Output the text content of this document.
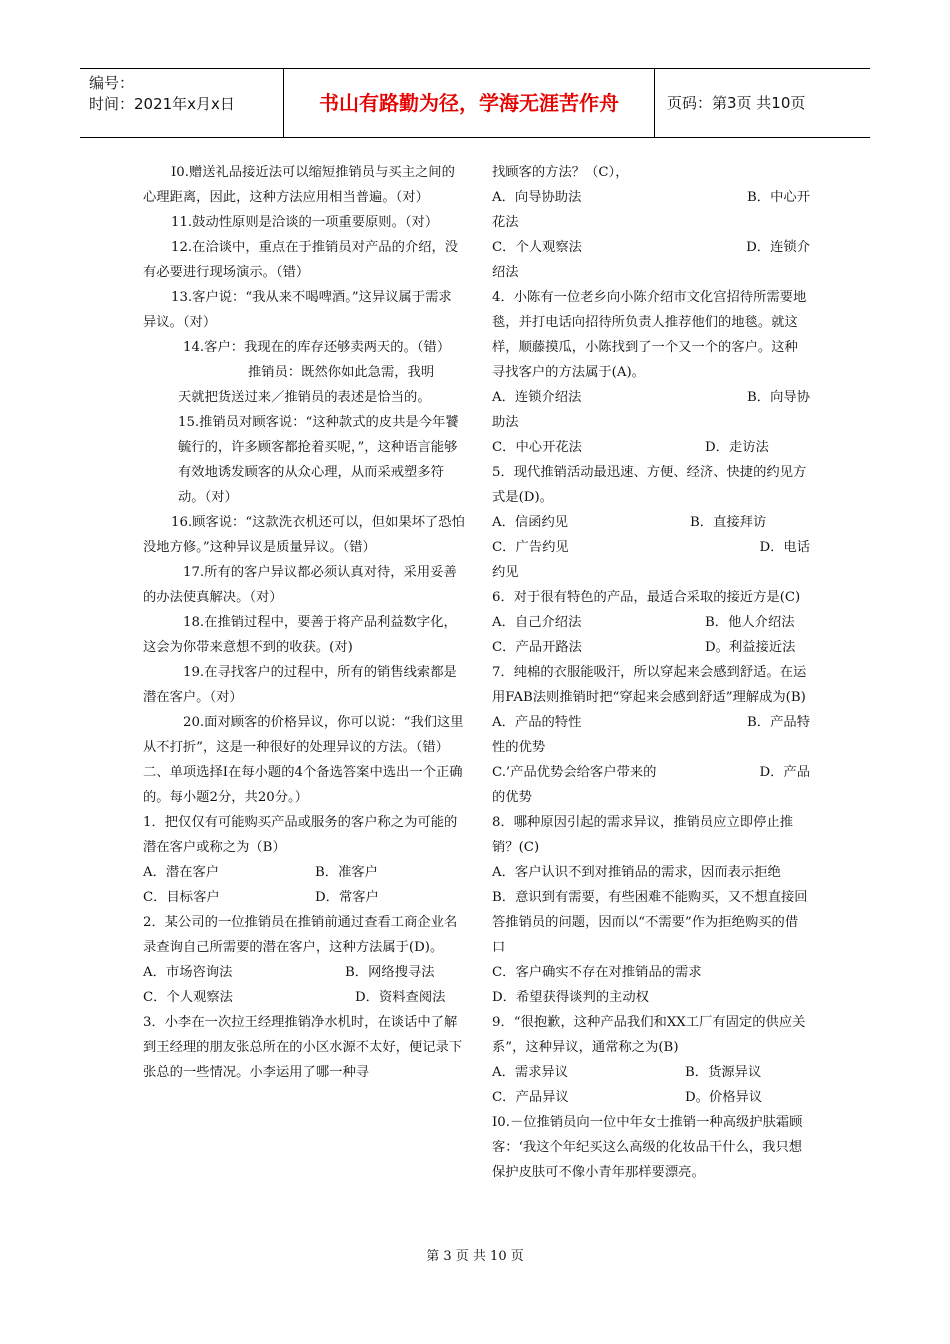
编号：
时间：2021年x月x日	书山有路勤为径，学海无涯苦作舟	页码：第3页 共10页

I0.赠送礼品接近法可以缩短推销员与买主之间的心理距离，因此，这种方法应用相当普遍。（对）

11.鼓动性原则是洽谈的一项重要原则。（对）

12.在洽谈中，重点在于推销员对产品的介绍，没有必要进行现场演示。（错）

13.客户说：“我从来不喝啤酒。”这异议属于需求异议。（对）

14.客户：我现在的库存还够卖两天的。（错）

推销员：既然你如此急需，我明

天就把货送过来／推销员的表述是恰当的。

15.推销员对顾客说：“这种款式的皮共是今年饕毓行的，许多顾客都抢着买呢，”，这种语言能够有效地诱发顾客的从众心理，从而采戒塑多符动。（对）

16.顾客说：“这款洗衣机还可以，但如果坏了恐怕没地方修。”这种异议是质量异议。（错）

17.所有的客户异议都必须认真对待，采用妥善的办法使真解决。（对）

18.在推销过程中，要善于将产品利益数字化，这会为你带来意想不到的收获。(对)

19.在寻找客户的过程中，所有的销售线索都是潜在客户。（对）

20.面对顾客的价格异议，你可以说：“我们这里从不打折”，这是一种很好的处理异议的方法。（错）

二、单项选择I在每小题的4个备选答案中选出一个正确的。每小题2分，共20分。）

1．把仅仅有可能购买产品或服务的客户称之为可能的潜在客户或称之为（B）

A．潜在客户	B．准客户
C．目标客户	D．常客户

2．某公司的一位推销员在推销前通过查看工商企业名录查询自己所需要的潜在客户，这种方法属于(D)。

A．市场咨询法	B．网络搜寻法
C．个人观察法	D．资料查阅法

3．小李在一次拉王经理推销净水机时，在谈话中了解到王经理的朋友张总所在的小区水源不太好，便记录下张总的一些情况。小李运用了哪一种寻

找顾客的方法？（C），

A．向导协助法	B．中心开

花法

C．个人观察法	D．连锁介

绍法

4．小陈有一位老乡向小陈介绍市文化宫招待所需要地毯，并打电话向招待所负责人推荐他们的地毯。就这样，顺藤摸瓜，小陈找到了一个又一个的客户。这种寻找客户的方法属于(A)。

A．连锁介绍法	B．向导协

助法

C．中心开花法	D．走访法

5．现代推销活动最迅速、方便、经济、快捷的约见方式是(D)。

A．信函约见	B．直接拜访
C．广告约见	D．电话

约见

6．对于很有特色的产品，最适合采取的接近方是(C)

A．自己介绍法	B．他人介绍法
C．产品开路法	D。利益接近法

7．纯棉的衣服能吸汗，所以穿起来会感到舒适。在运用FAB法则推销时把“穿起来会感到舒适”理解成为(B)

A．产品的特性	B．产品特

性的优势

C.’产品优势会给客户带来的	D．产品

的优势

8．哪种原因引起的需求异议，推销员应立即停止推销？(C)

A．客户认识不到对推销品的需求，因而表示拒绝

B．意识到有需要，有些困难不能购买，又不想直接回答推销员的问题，因而以“不需要”作为拒绝购买的借口

C．客户确实不存在对推销品的需求

D．希望获得谈判的主动权

9．“很抱歉，这种产品我们和XX工厂有固定的供应关系”，这种异议，通常称之为(B)

A．需求异议	B．货源异议
C．产品异议	D。价格异议

I0.－位推销员向一位中年女士推销一种高级护肤霜顾客：‘我这个年纪买这么高级的化妆品干什么，我只想保护皮肤可不像小青年那样要漂亮。

第 3 页 共 10 页
